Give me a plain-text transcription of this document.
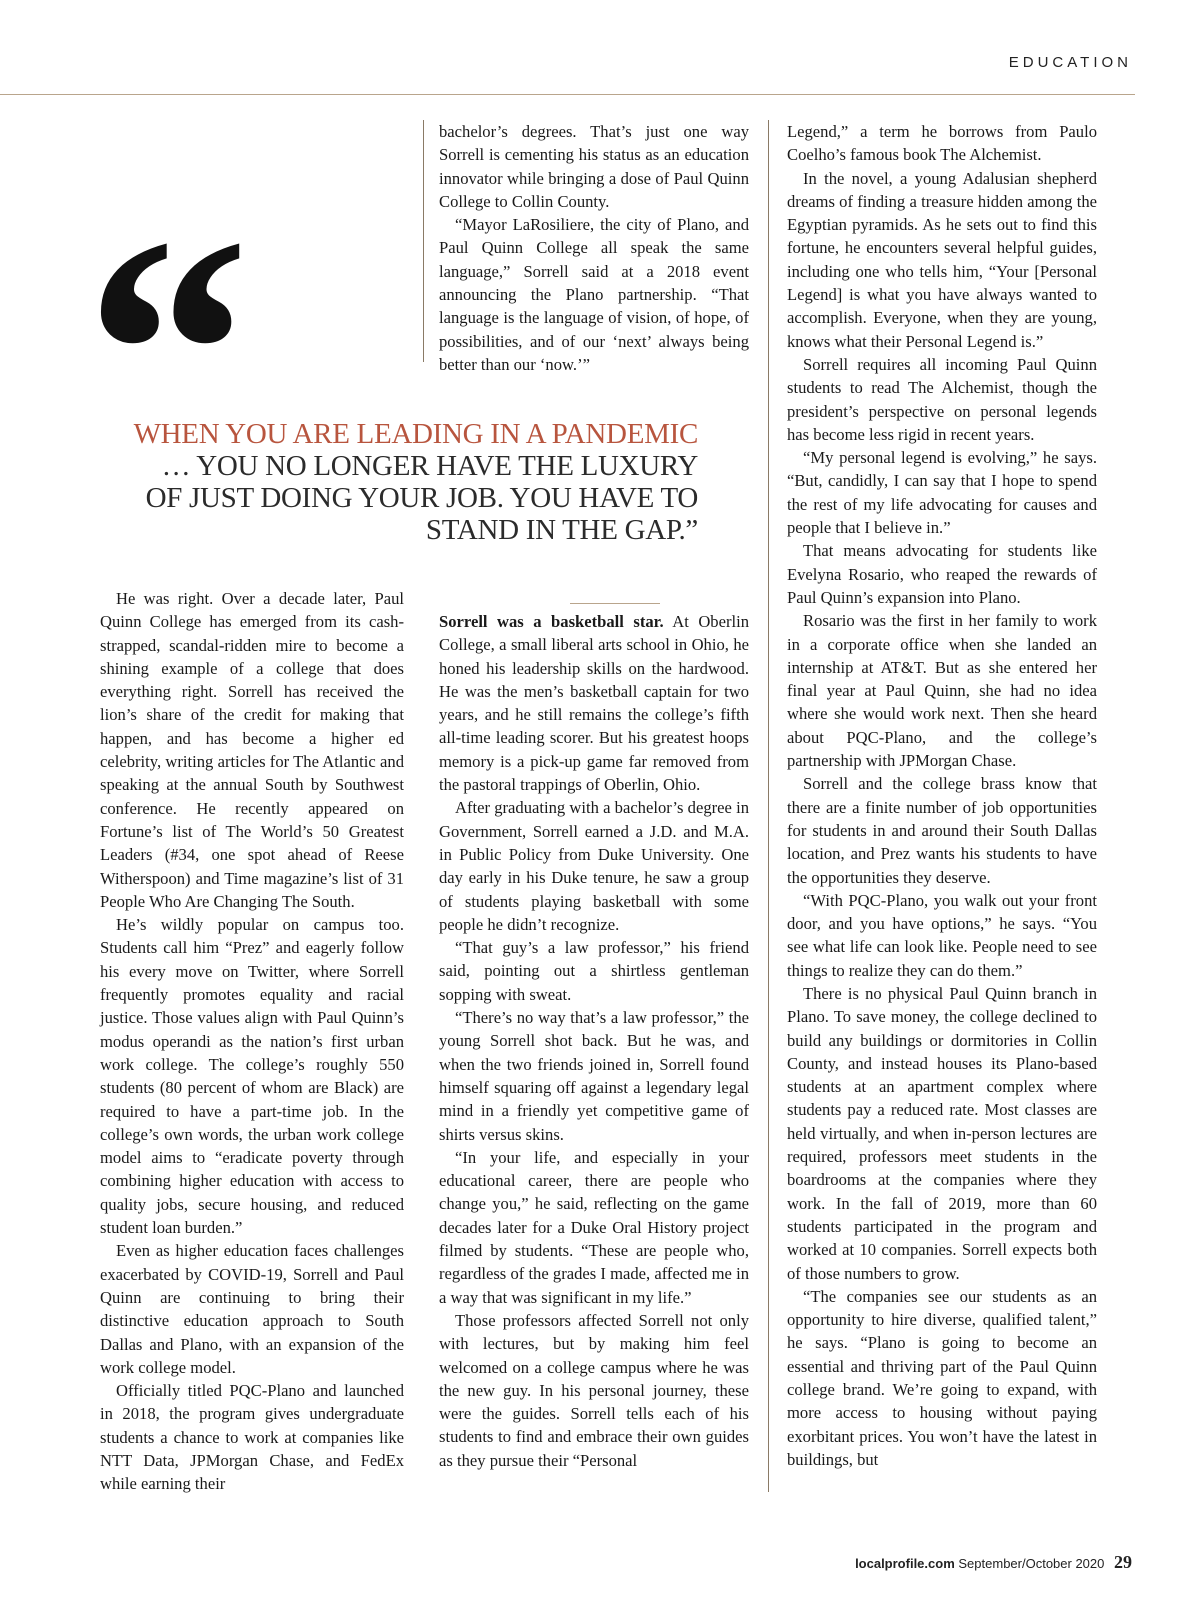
EDUCATION
“
WHEN YOU ARE LEADING IN A PANDEMIC
… YOU NO LONGER HAVE THE LUXURY
OF JUST DOING YOUR JOB. YOU HAVE TO
STAND IN THE GAP.”

He was right. Over a decade later, Paul Quinn College has emerged from its cash-strapped, scandal-ridden mire to become a shining example of a college that does everything right. Sorrell has received the lion’s share of the credit for making that happen, and has become a higher ed celebrity, writing articles for The Atlantic and speaking at the annual South by Southwest conference. He recently appeared on Fortune’s list of The World’s 50 Greatest Leaders (#34, one spot ahead of Reese Witherspoon) and Time magazine’s list of 31 People Who Are Changing The South.

He’s wildly popular on campus too. Students call him “Prez” and eagerly follow his every move on Twitter, where Sorrell frequently promotes equality and racial justice. Those values align with Paul Quinn’s modus operandi as the nation’s first urban work college. The college’s roughly 550 students (80 percent of whom are Black) are required to have a part-time job. In the college’s own words, the urban work college model aims to “eradicate poverty through combining higher education with access to quality jobs, secure housing, and reduced student loan burden.”

Even as higher education faces challenges exacerbated by COVID-19, Sorrell and Paul Quinn are continuing to bring their distinctive education approach to South Dallas and Plano, with an expansion of the work college model.

Officially titled PQC-Plano and launched in 2018, the program gives undergraduate students a chance to work at companies like NTT Data, JPMorgan Chase, and FedEx while earning their

bachelor’s degrees. That’s just one way Sorrell is cementing his status as an education innovator while bringing a dose of Paul Quinn College to Collin County.

“Mayor LaRosiliere, the city of Plano, and Paul Quinn College all speak the same language,” Sorrell said at a 2018 event announcing the Plano partnership. “That language is the language of vision, of hope, of possibilities, and of our ‘next’ always being better than our ‘now.’”

Sorrell was a basketball star. At Oberlin College, a small liberal arts school in Ohio, he honed his leadership skills on the hardwood. He was the men’s basketball captain for two years, and he still remains the college’s fifth all-time leading scorer. But his greatest hoops memory is a pick-up game far removed from the pastoral trappings of Oberlin, Ohio.

After graduating with a bachelor’s degree in Government, Sorrell earned a J.D. and M.A. in Public Policy from Duke University. One day early in his Duke tenure, he saw a group of students playing basketball with some people he didn’t recognize.

“That guy’s a law professor,” his friend said, pointing out a shirtless gentleman sopping with sweat.

“There’s no way that’s a law professor,” the young Sorrell shot back. But he was, and when the two friends joined in, Sorrell found himself squaring off against a legendary legal mind in a friendly yet competitive game of shirts versus skins.

“In your life, and especially in your educational career, there are people who change you,” he said, reflecting on the game decades later for a Duke Oral History project filmed by students. “These are people who, regardless of the grades I made, affected me in a way that was significant in my life.”

Those professors affected Sorrell not only with lectures, but by making him feel welcomed on a college campus where he was the new guy. In his personal journey, these were the guides. Sorrell tells each of his students to find and embrace their own guides as they pursue their “Personal

Legend,” a term he borrows from Paulo Coelho’s famous book The Alchemist.

In the novel, a young Adalusian shepherd dreams of finding a treasure hidden among the Egyptian pyramids. As he sets out to find this fortune, he encounters several helpful guides, including one who tells him, “Your [Personal Legend] is what you have always wanted to accomplish. Everyone, when they are young, knows what their Personal Legend is.”

Sorrell requires all incoming Paul Quinn students to read The Alchemist, though the president’s perspective on personal legends has become less rigid in recent years.

“My personal legend is evolving,” he says. “But, candidly, I can say that I hope to spend the rest of my life advocating for causes and people that I believe in.”

That means advocating for students like Evelyna Rosario, who reaped the rewards of Paul Quinn’s expansion into Plano.

Rosario was the first in her family to work in a corporate office when she landed an internship at AT&T. But as she entered her final year at Paul Quinn, she had no idea where she would work next. Then she heard about PQC-Plano, and the college’s partnership with JPMorgan Chase.

Sorrell and the college brass know that there are a finite number of job opportunities for students in and around their South Dallas location, and Prez wants his students to have the opportunities they deserve.

“With PQC-Plano, you walk out your front door, and you have options,” he says. “You see what life can look like. People need to see things to realize they can do them.”

There is no physical Paul Quinn branch in Plano. To save money, the college declined to build any buildings or dormitories in Collin County, and instead houses its Plano-based students at an apartment complex where students pay a reduced rate. Most classes are held virtually, and when in-person lectures are required, professors meet students in the boardrooms at the companies where they work. In the fall of 2019, more than 60 students participated in the program and worked at 10 companies. Sorrell expects both of those numbers to grow.

“The companies see our students as an opportunity to hire diverse, qualified talent,” he says. “Plano is going to become an essential and thriving part of the Paul Quinn college brand. We’re going to expand, with more access to housing without paying exorbitant prices. You won’t have the latest in buildings, but

localprofile.com September/October 2020 29
